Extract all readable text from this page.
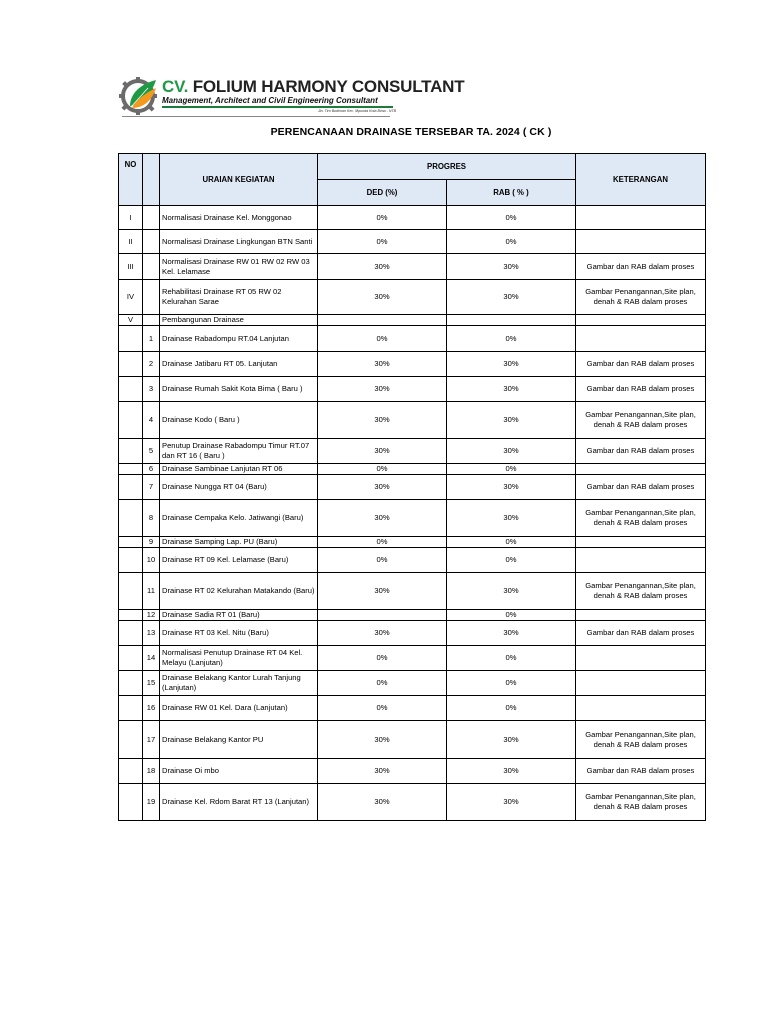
CV. FOLIUM HARMONY CONSULTANT
Management, Architect and Civil Engineering Consultant
Jln. Tiro Budiman Kec. Mpunda Kota Bima - NTB
PERENCANAAN DRAINASE TERSEBAR TA. 2024 ( CK )
NO		URAIAN KEGIATAN	PROGRES		KETERANGAN
			DED (%)	RAB ( % )	
I		Normalisasi Drainase Kel. Monggonao	0%	0%	
II		Normalisasi Drainase Lingkungan BTN Santi	0%	0%	
III		Normalisasi Drainase RW 01 RW 02 RW 03 Kel. Lelamase	30%	30%	Gambar dan RAB dalam proses
IV		Rehabilitasi Drainase RT 05 RW 02 Kelurahan Sarae	30%	30%	Gambar Penangannan,Site plan, denah & RAB dalam proses
V		Pembangunan Drainase			
	1	Drainase Rabadompu RT.04 Lanjutan	0%	0%	
	2	Drainase Jatibaru RT 05. Lanjutan	30%	30%	Gambar dan RAB dalam proses
	3	Drainase Rumah Sakit Kota Bima ( Baru )	30%	30%	Gambar dan RAB dalam proses
	4	Drainase Kodo ( Baru )	30%	30%	Gambar Penangannan,Site plan, denah & RAB dalam proses
	5	Penutup Drainase Rabadompu Timur RT.07 dan RT 16 ( Baru )	30%	30%	Gambar dan RAB dalam proses
	6	Drainase Sambinae Lanjutan RT 06	0%	0%	
	7	Drainase Nungga RT 04 (Baru)	30%	30%	Gambar dan RAB dalam proses
	8	Drainase Cempaka Kelo. Jatiwangi (Baru)	30%	30%	Gambar Penangannan,Site plan, denah & RAB dalam proses
	9	Drainase Samping Lap. PU (Baru)	0%	0%	
	10	Drainase RT 09 Kel. Lelamase (Baru)	0%	0%	
	11	Drainase RT 02 Kelurahan Matakando (Baru)	30%	30%	Gambar Penangannan,Site plan, denah & RAB dalam proses
	12	Drainase Sadia RT 01 (Baru)		0%	
	13	Drainase RT 03 Kel. Nitu (Baru)	30%	30%	Gambar dan RAB dalam proses
	14	Normalisasi Penutup Drainase RT 04 Kel. Melayu (Lanjutan)	0%	0%	
	15	Drainase Belakang Kantor Lurah Tanjung (Lanjutan)	0%	0%	
	16	Drainase RW 01 Kel. Dara (Lanjutan)	0%	0%	
	17	Drainase Belakang Kantor PU	30%	30%	Gambar Penangannan,Site plan, denah & RAB dalam proses
	18	Drainase Oi mbo	30%	30%	Gambar dan RAB dalam proses
	19	Drainase Kel. Rdom Barat RT 13 (Lanjutan)	30%	30%	Gambar Penangannan,Site plan, denah & RAB dalam proses
